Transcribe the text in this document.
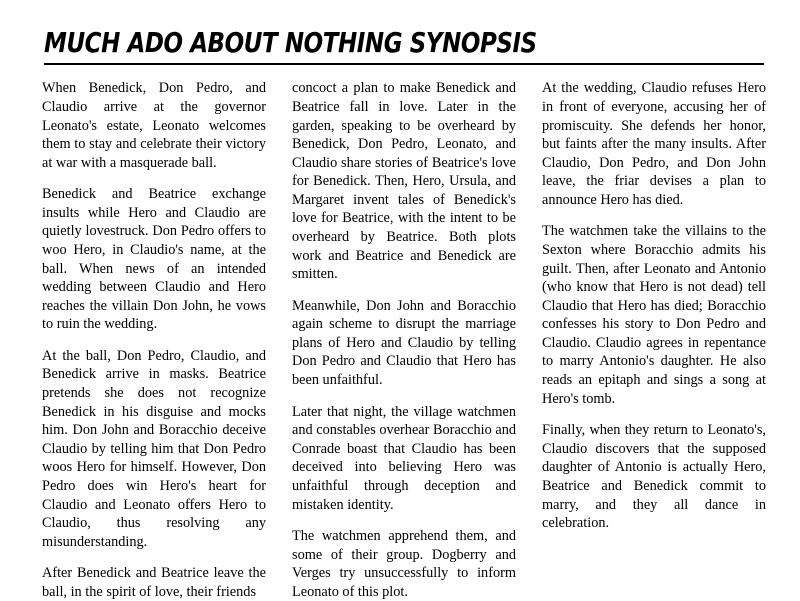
MUCH ADO ABOUT NOTHING SYNOPSIS

When Benedick, Don Pedro, and Claudio arrive at the governor Leonato's estate, Leonato welcomes them to stay and celebrate their victory at war with a masquerade ball.

Benedick and Beatrice exchange insults while Hero and Claudio are quietly lovestruck. Don Pedro offers to woo Hero, in Claudio's name, at the ball. When news of an intended wedding between Claudio and Hero reaches the villain Don John, he vows to ruin the wedding.

At the ball, Don Pedro, Claudio, and Benedick arrive in masks. Beatrice pretends she does not recognize Benedick in his disguise and mocks him. Don John and Boracchio deceive Claudio by telling him that Don Pedro woos Hero for himself. However, Don Pedro does win Hero's heart for Claudio and Leonato offers Hero to Claudio, thus resolving any misunderstanding.

After Benedick and Beatrice leave the ball, in the spirit of love, their friends

concoct a plan to make Benedick and Beatrice fall in love. Later in the garden, speaking to be overheard by Benedick, Don Pedro, Leonato, and Claudio share stories of Beatrice's love for Benedick. Then, Hero, Ursula, and Margaret invent tales of Benedick's love for Beatrice, with the intent to be overheard by Beatrice. Both plots work and Beatrice and Benedick are smitten.

Meanwhile, Don John and Boracchio again scheme to disrupt the marriage plans of Hero and Claudio by telling Don Pedro and Claudio that Hero has been unfaithful.

Later that night, the village watchmen and constables overhear Boracchio and Conrade boast that Claudio has been deceived into believing Hero was unfaithful through deception and mistaken identity.

The watchmen apprehend them, and some of their group. Dogberry and Verges try unsuccessfully to inform Leonato of this plot.

At the wedding, Claudio refuses Hero in front of everyone, accusing her of promiscuity. She defends her honor, but faints after the many insults. After Claudio, Don Pedro, and Don John leave, the friar devises a plan to announce Hero has died.

The watchmen take the villains to the Sexton where Boracchio admits his guilt. Then, after Leonato and Antonio (who know that Hero is not dead) tell Claudio that Hero has died; Boracchio confesses his story to Don Pedro and Claudio. Claudio agrees in repentance to marry Antonio's daughter. He also reads an epitaph and sings a song at Hero's tomb.

Finally, when they return to Leonato's, Claudio discovers that the supposed daughter of Antonio is actually Hero, Beatrice and Benedick commit to marry, and they all dance in celebration.
